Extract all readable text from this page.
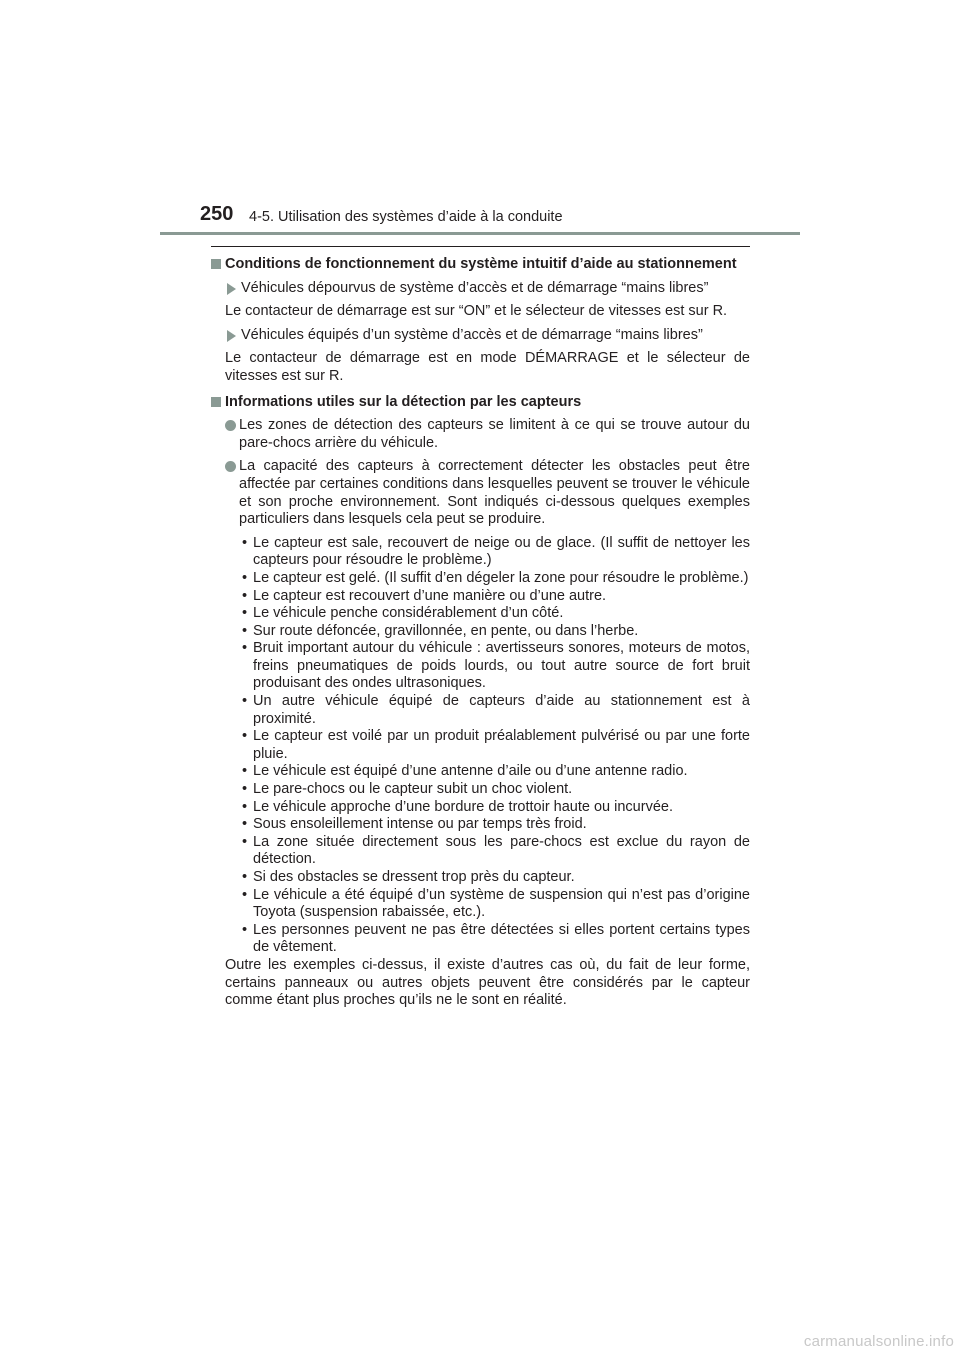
250 4-5. Utilisation des systèmes d’aide à la conduite
Conditions de fonctionnement du système intuitif d’aide au stationnement
Véhicules dépourvus de système d’accès et de démarrage “mains libres”
Le contacteur de démarrage est sur “ON” et le sélecteur de vitesses est sur R.
Véhicules équipés d’un système d’accès et de démarrage “mains libres”
Le contacteur de démarrage est en mode DÉMARRAGE et le sélecteur de vitesses est sur R.
Informations utiles sur la détection par les capteurs
Les zones de détection des capteurs se limitent à ce qui se trouve autour du pare-chocs arrière du véhicule.
La capacité des capteurs à correctement détecter les obstacles peut être affectée par certaines conditions dans lesquelles peuvent se trouver le véhicule et son proche environnement. Sont indiqués ci-dessous quelques exemples particuliers dans lesquels cela peut se produire.
• Le capteur est sale, recouvert de neige ou de glace. (Il suffit de nettoyer les capteurs pour résoudre le problème.)
• Le capteur est gelé. (Il suffit d’en dégeler la zone pour résoudre le problème.)
• Le capteur est recouvert d’une manière ou d’une autre.
• Le véhicule penche considérablement d’un côté.
• Sur route défoncée, gravillonnée, en pente, ou dans l’herbe.
• Bruit important autour du véhicule : avertisseurs sonores, moteurs de motos, freins pneumatiques de poids lourds, ou tout autre source de fort bruit produisant des ondes ultrasoniques.
• Un autre véhicule équipé de capteurs d’aide au stationnement est à proximité.
• Le capteur est voilé par un produit préalablement pulvérisé ou par une forte pluie.
• Le véhicule est équipé d’une antenne d’aile ou d’une antenne radio.
• Le pare-chocs ou le capteur subit un choc violent.
• Le véhicule approche d’une bordure de trottoir haute ou incurvée.
• Sous ensoleillement intense ou par temps très froid.
• La zone située directement sous les pare-chocs est exclue du rayon de détection.
• Si des obstacles se dressent trop près du capteur.
• Le véhicule a été équipé d’un système de suspension qui n’est pas d’origine Toyota (suspension rabaissée, etc.).
• Les personnes peuvent ne pas être détectées si elles portent certains types de vêtement.
Outre les exemples ci-dessus, il existe d’autres cas où, du fait de leur forme, certains panneaux ou autres objets peuvent être considérés par le capteur comme étant plus proches qu’ils ne le sont en réalité.
carmanualsonline.info
